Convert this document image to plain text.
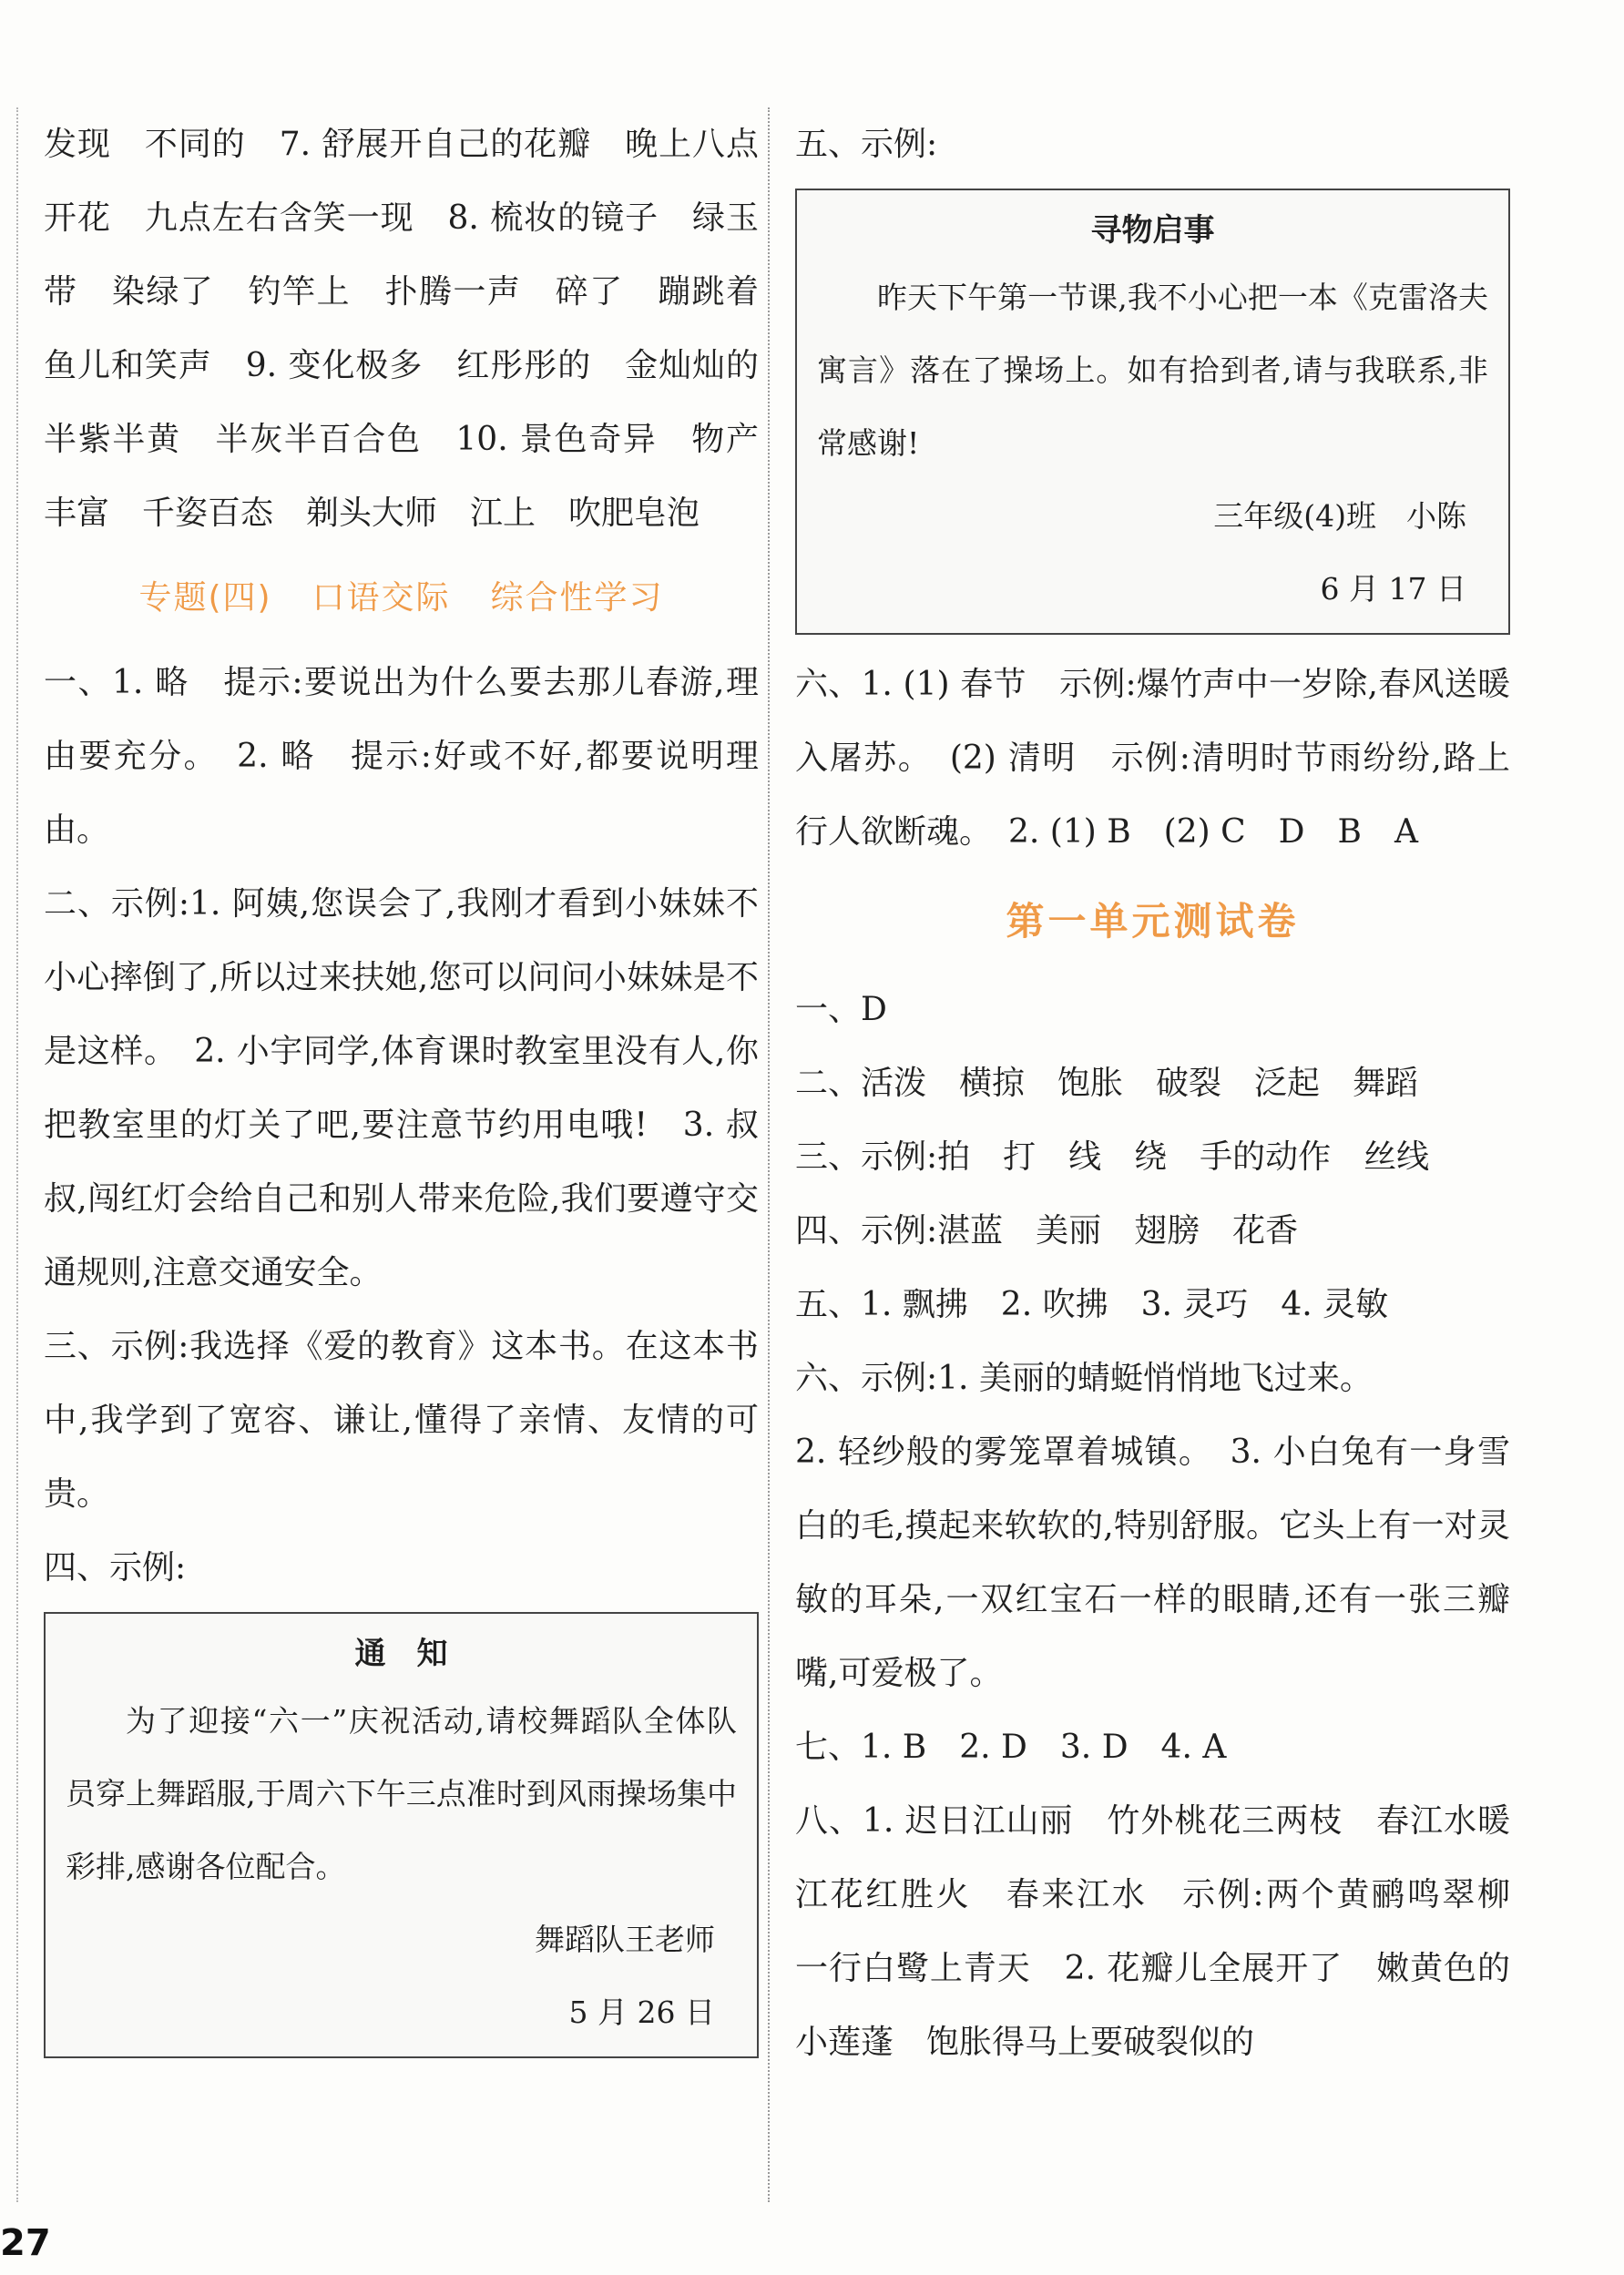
发现　不同的　7. 舒展开自己的花瓣　晚上八点开花　九点左右含笑一现　8. 梳妆的镜子　绿玉带　染绿了　钓竿上　扑腾一声　碎了　蹦跳着鱼儿和笑声　9. 变化极多　红彤彤的　金灿灿的　半紫半黄　半灰半百合色　10. 景色奇异　物产丰富　千姿百态　剃头大师　江上　吹肥皂泡

专题(四) 口语交际 综合性学习

一、1. 略　提示:要说出为什么要去那儿春游,理由要充分。　2. 略　提示:好或不好,都要说明理由。

二、示例:1. 阿姨,您误会了,我刚才看到小妹妹不小心摔倒了,所以过来扶她,您可以问问小妹妹是不是这样。　2. 小宇同学,体育课时教室里没有人,你把教室里的灯关了吧,要注意节约用电哦!　3. 叔叔,闯红灯会给自己和别人带来危险,我们要遵守交通规则,注意交通安全。

三、示例:我选择《爱的教育》这本书。在这本书中,我学到了宽容、谦让,懂得了亲情、友情的可贵。

四、示例:

通　知
为了迎接“六一”庆祝活动,请校舞蹈队全体队员穿上舞蹈服,于周六下午三点准时到风雨操场集中彩排,感谢各位配合。
舞蹈队王老师
5 月 26 日

五、示例:

寻物启事
昨天下午第一节课,我不小心把一本《克雷洛夫寓言》落在了操场上。如有拾到者,请与我联系,非常感谢!
三年级(4)班　小陈
6 月 17 日

六、1. (1) 春节　示例:爆竹声中一岁除,春风送暖入屠苏。　(2) 清明　示例:清明时节雨纷纷,路上行人欲断魂。　2. (1) B　(2) C　D　B　A

第一单元测试卷

一、D

二、活泼　横掠　饱胀　破裂　泛起　舞蹈

三、示例:拍　打　线　绕　手的动作　丝线

四、示例:湛蓝　美丽　翅膀　花香

五、1. 飘拂　2. 吹拂　3. 灵巧　4. 灵敏

六、示例:1. 美丽的蜻蜓悄悄地飞过来。

2. 轻纱般的雾笼罩着城镇。　3. 小白兔有一身雪白的毛,摸起来软软的,特别舒服。它头上有一对灵敏的耳朵,一双红宝石一样的眼睛,还有一张三瓣嘴,可爱极了。

七、1. B　2. D　3. D　4. A

八、1. 迟日江山丽　竹外桃花三两枝　春江水暖　江花红胜火　春来江水　示例:两个黄鹂鸣翠柳　一行白鹭上青天　2. 花瓣儿全展开了　嫩黄色的小莲蓬　饱胀得马上要破裂似的

27
